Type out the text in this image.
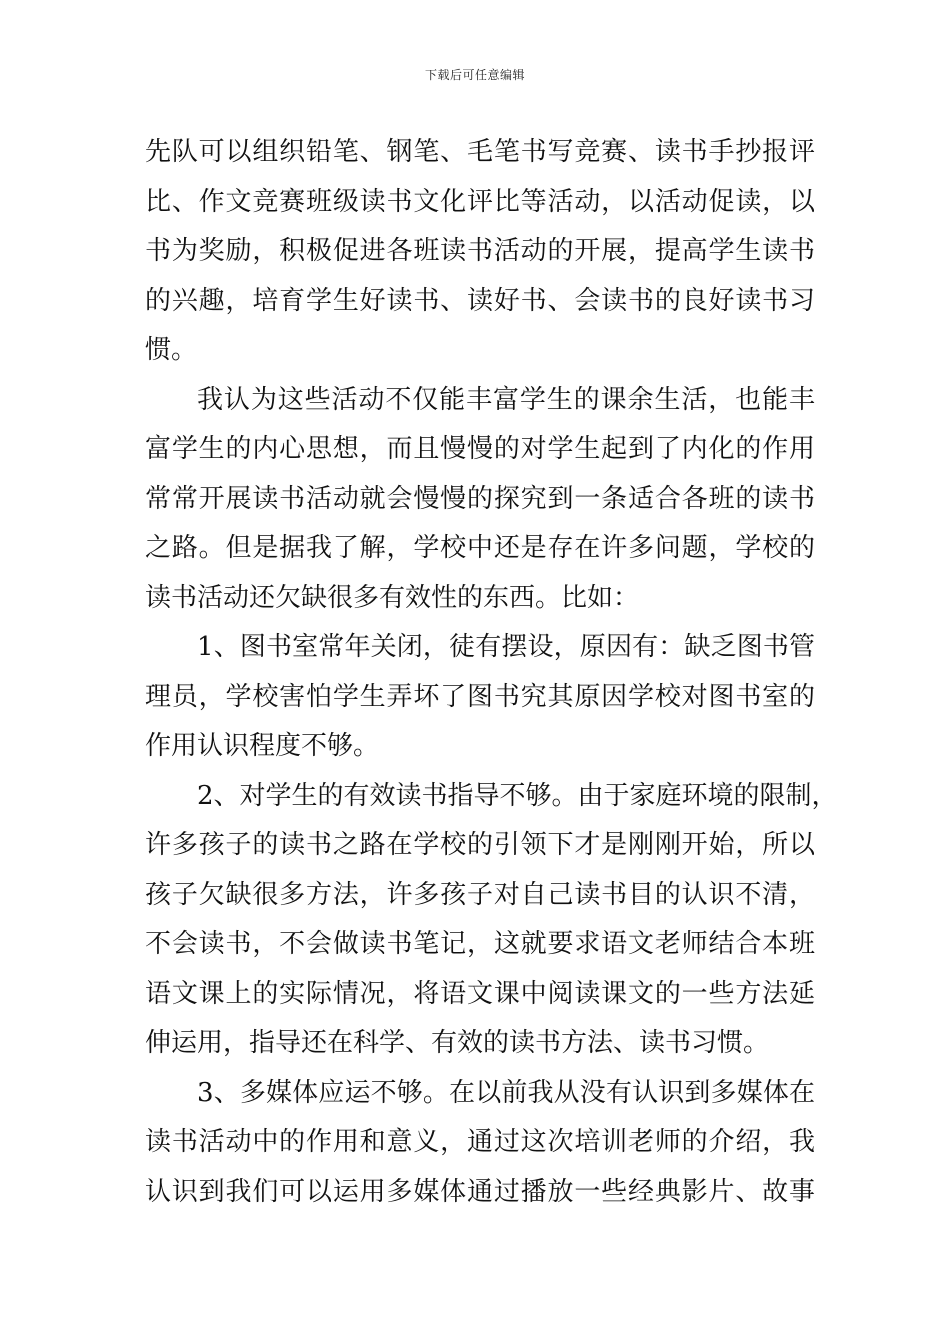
下载后可任意编辑
先队可以组织铅笔、钢笔、毛笔书写竞赛、读书手抄报评
比、作文竞赛班级读书文化评比等活动，以活动促读，以
书为奖励，积极促进各班读书活动的开展，提高学生读书
的兴趣，培育学生好读书、读好书、会读书的良好读书习
惯。
我认为这些活动不仅能丰富学生的课余生活，也能丰
富学生的内心思想，而且慢慢的对学生起到了内化的作用
常常开展读书活动就会慢慢的探究到一条适合各班的读书
之路。但是据我了解，学校中还是存在许多问题，学校的
读书活动还欠缺很多有效性的东西。比如：
1、图书室常年关闭，徒有摆设，原因有：缺乏图书管
理员，学校害怕学生弄坏了图书究其原因学校对图书室的
作用认识程度不够。
2、对学生的有效读书指导不够。由于家庭环境的限制，
许多孩子的读书之路在学校的引领下才是刚刚开始，所以
孩子欠缺很多方法，许多孩子对自己读书目的认识不清，
不会读书，不会做读书笔记，这就要求语文老师结合本班
语文课上的实际情况，将语文课中阅读课文的一些方法延
伸运用，指导还在科学、有效的读书方法、读书习惯。
3、多媒体应运不够。在以前我从没有认识到多媒体在
读书活动中的作用和意义，通过这次培训老师的介绍，我
认识到我们可以运用多媒体通过播放一些经典影片、故事
